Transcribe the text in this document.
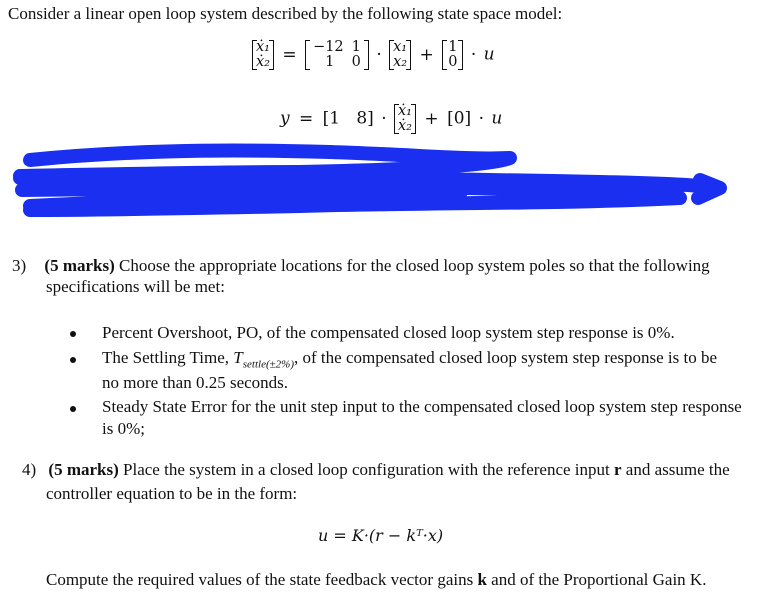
Consider a linear open loop system described by the following state space model:
ẋ₁
ẋ₂ = −12 1
1 0 · x₁
x₂ + 1
0 · u
y = [1   8] · ẋ₁
ẋ₂ + [0] · u
3) (5 marks) Choose the appropriate locations for the closed loop system poles so that the following
specifications will be met:
Percent Overshoot, PO, of the compensated closed loop system step response is 0%.
The Settling Time, $T_{settle(\pm 2\%)}$, of the compensated closed loop system step response is to be
no more than 0.25 seconds.
Steady State Error for the unit step input to the compensated closed loop system step response
is 0%;
4) (5 marks) Place the system in a closed loop configuration with the reference input r and assume the
controller equation to be in the form:
u = K·(r − kᵀ·x)
Compute the required values of the state feedback vector gains k and of the Proportional Gain K.
